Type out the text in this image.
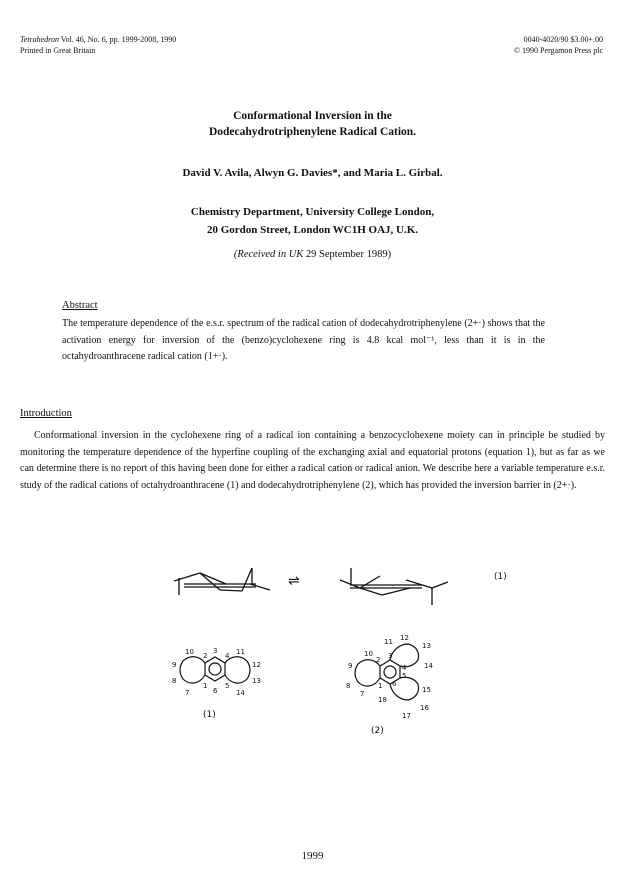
Tetrahedron Vol. 46, No. 6, pp. 1999-2008, 1990
Printed in Great Britain
0040-4020/90 $3.00+.00
© 1990 Pergamon Press plc
Conformational Inversion in the
Dodecahydrotriphenylene Radical Cation.
David V. Avila, Alwyn G. Davies*, and Maria L. Girbal.
Chemistry Department, University College London,
20 Gordon Street, London WC1H OAJ, U.K.
(Received in UK 29 September 1989)
Abstract
The temperature dependence of the e.s.r. spectrum of the radical cation of dodecahydrotriphenylene (2+·) shows that the activation energy for inversion of the (benzo)cyclohexene ring is 4.8 kcal mol⁻¹, less than it is in the octahydroanthracene radical cation (1+·).
Introduction
Conformational inversion in the cyclohexene ring of a radical ion containing a benzocyclohexene moiety can in principle be studied by monitoring the temperature dependence of the hyperfine coupling of the exchanging axial and equatorial protons (equation 1), but as far as we can determine there is no report of this having been done for either a radical cation or radical anion. We describe here a variable temperature e.s.r. study of the radical cations of octahydroanthracene (1) and dodecahydrotriphenylene (2), which has provided the inversion barrier in (2+·).
⇌	(1)
10 2
3
4 11
9	12
8	13
7
1
6
5
14
(1)
12
11	13
10
2 3
14
9	4
5
8	6
15
7
1
18
16
17
(2)
1999
